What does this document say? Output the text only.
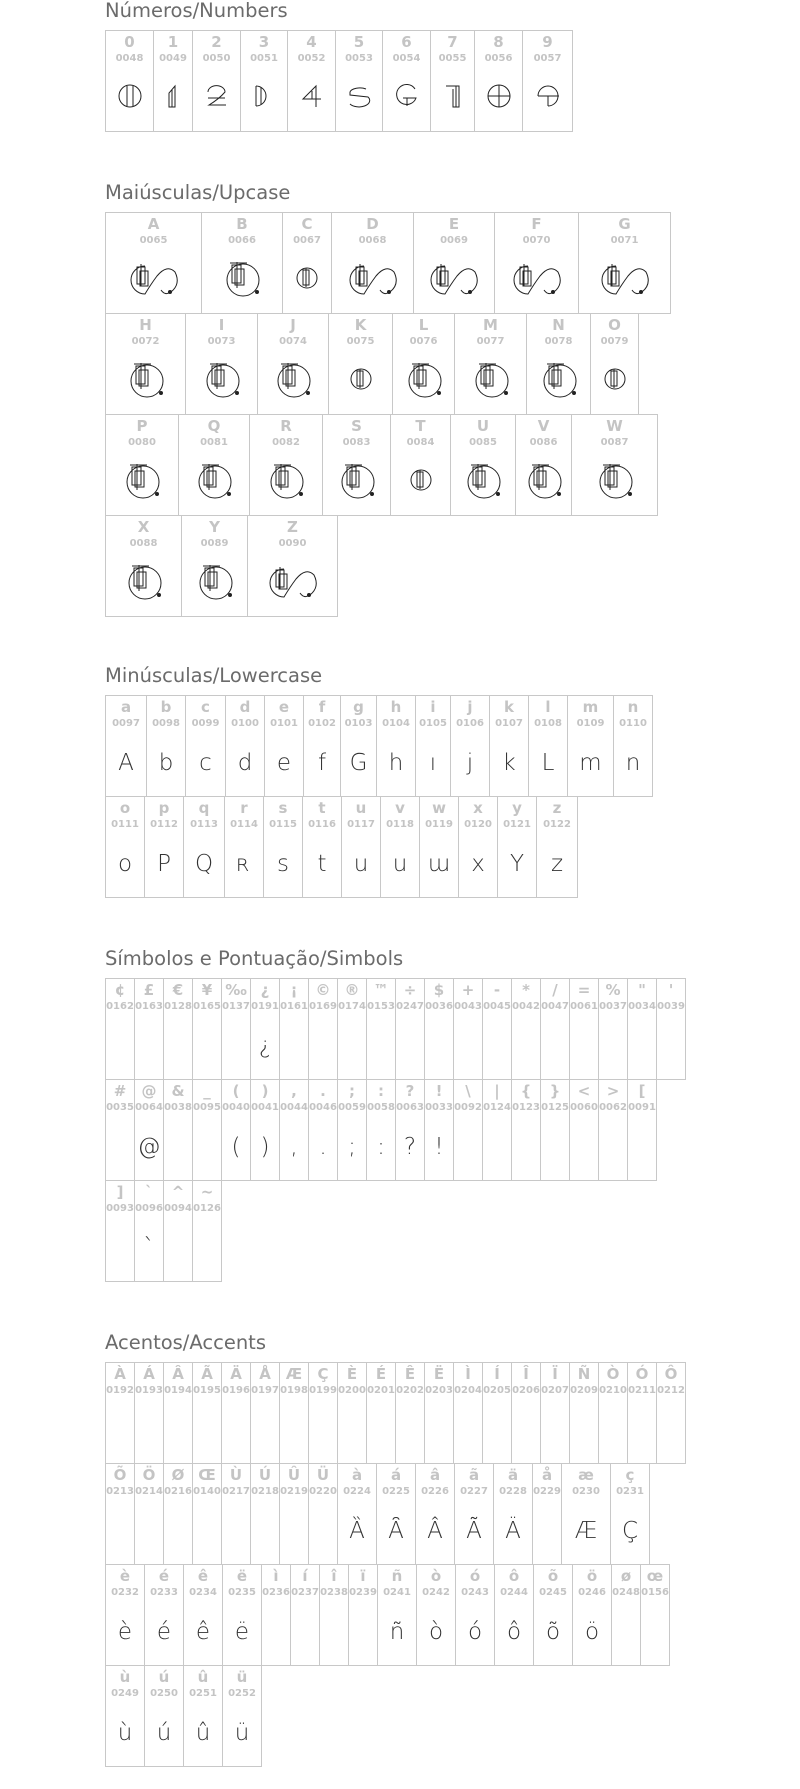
Números/Numbers
0
0048
1
0049
2
0050
3
0051
4
0052
5
0053
6
0054
7
0055
8
0056
9
0057
Maiúsculas/Upcase
A
0065
B
0066
C
0067
D
0068
E
0069
F
0070
G
0071
H
0072
I
0073
J
0074
K
0075
L
0076
M
0077
N
0078
O
0079
P
0080
Q
0081
R
0082
S
0083
T
0084
U
0085
V
0086
W
0087
X
0088
Y
0089
Z
0090
Minúsculas/Lowercase
a
0097
A
b
0098
b
c
0099
c
d
0100
d
e
0101
e
f
0102
f
g
0103
G
h
0104
h
i
0105
ı
j
0106
j
k
0107
k
l
0108
L
m
0109
m
n
0110
n
o
0111
o
p
0112
P
q
0113
Q
r
0114
ʀ
s
0115
s
t
0116
t
u
0117
u
v
0118
u
w
0119
ɯ
x
0120
x
y
0121
Y
z
0122
z
Símbolos e Pontuação/Simbols
¢
0162
£
0163
€
0128
¥
0165
‰
0137
¿
0191
¿
¡
0161
©
0169
®
0174
™
0153
÷
0247
$
0036
+
0043
-
0045
*
0042
/
0047
=
0061
%
0037
"
0034
'
0039
#
0035
@
0064
@
&
0038
_
0095
(
0040
(
)
0041
)
,
0044
,
.
0046
.
;
0059
;
:
0058
:
?
0063
?
!
0033
!
\
0092
|
0124
{
0123
}
0125
<
0060
>
0062
[
0091
]
0093
`
0096
`
^
0094
~
0126
Acentos/Accents
À
0192
Á
0193
Â
0194
Ã
0195
Ä
0196
Å
0197
Æ
0198
Ç
0199
È
0200
É
0201
Ê
0202
Ë
0203
Ì
0204
Í
0205
Î
0206
Ï
0207
Ñ
0209
Ò
0210
Ó
0211
Ô
0212
Õ
0213
Ö
0214
Ø
0216
Œ
0140
Ù
0217
Ú
0218
Û
0219
Ü
0220
à
0224
Ȁ
á
0225
Ȃ
â
0226
Â
ã
0227
Ã
ä
0228
Ä
å
0229
æ
0230
Æ
ç
0231
Ç
è
0232
è
é
0233
é
ê
0234
ê
ë
0235
ë
ì
0236
í
0237
î
0238
ï
0239
ñ
0241
ñ
ò
0242
ò
ó
0243
ó
ô
0244
ô
õ
0245
õ
ö
0246
ö
ø
0248
œ
0156
ù
0249
ù
ú
0250
ú
û
0251
û
ü
0252
ü
